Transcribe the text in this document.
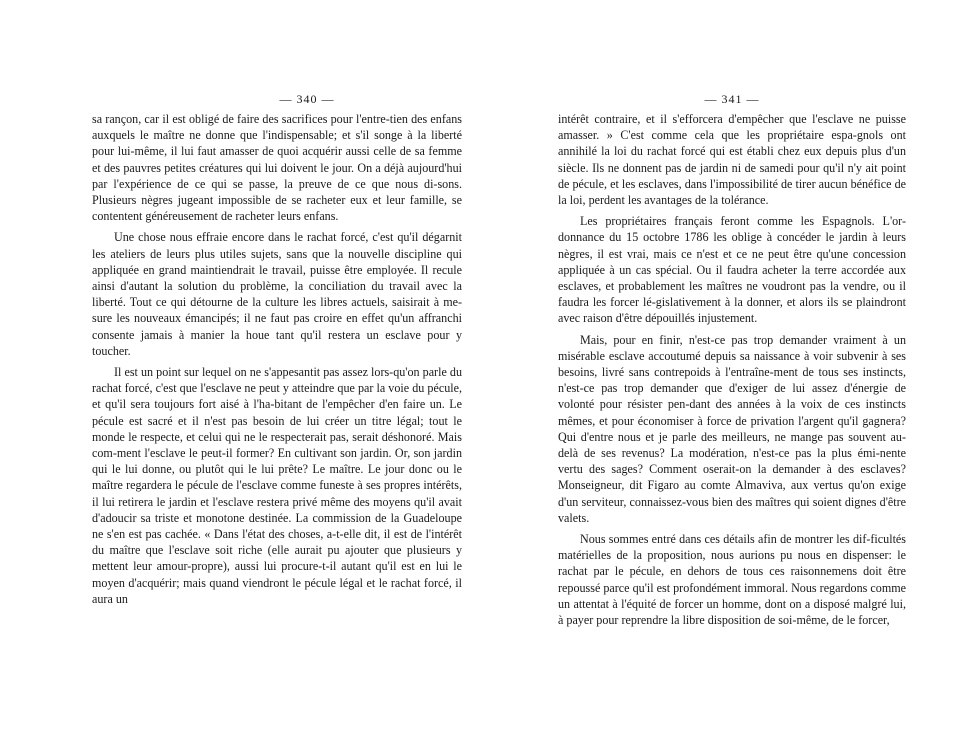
— 340 —

sa rançon, car il est obligé de faire des sacrifices pour l'entre-tien des enfans auxquels le maître ne donne que l'indispensable; et s'il songe à la liberté pour lui-même, il lui faut amasser de quoi acquérir aussi celle de sa femme et des pauvres petites créatures qui lui doivent le jour. On a déjà aujourd'hui par l'expérience de ce qui se passe, la preuve de ce que nous di-sons. Plusieurs nègres jugeant impossible de se racheter eux et leur famille, se contentent généreusement de racheter leurs enfans.

Une chose nous effraie encore dans le rachat forcé, c'est qu'il dégarnit les ateliers de leurs plus utiles sujets, sans que la nouvelle discipline qui appliquée en grand maintiendrait le travail, puisse être employée. Il recule ainsi d'autant la solution du problème, la conciliation du travail avec la liberté. Tout ce qui détourne de la culture les libres actuels, saisirait à me-sure les nouveaux émancipés; il ne faut pas croire en effet qu'un affranchi consente jamais à manier la houe tant qu'il restera un esclave pour y toucher.

Il est un point sur lequel on ne s'appesantit pas assez lors-qu'on parle du rachat forcé, c'est que l'esclave ne peut y atteindre que par la voie du pécule, et qu'il sera toujours fort aisé à l'ha-bitant de l'empêcher d'en faire un. Le pécule est sacré et il n'est pas besoin de lui créer un titre légal; tout le monde le respecte, et celui qui ne le respecterait pas, serait déshonoré. Mais com-ment l'esclave le peut-il former? En cultivant son jardin. Or, son jardin qui le lui donne, ou plutôt qui le lui prête? Le maître. Le jour donc ou le maître regardera le pécule de l'esclave comme funeste à ses propres intérêts, il lui retirera le jardin et l'esclave restera privé même des moyens qu'il avait d'adoucir sa triste et monotone destinée. La commission de la Guadeloupe ne s'en est pas cachée. « Dans l'état des choses, a-t-elle dit, il est de l'intérêt du maître que l'esclave soit riche (elle aurait pu ajouter que plusieurs y mettent leur amour-propre), aussi lui procure-t-il autant qu'il est en lui le moyen d'acquérir; mais quand viendront le pécule légal et le rachat forcé, il aura un

— 341 —

intérêt contraire, et il s'efforcera d'empêcher que l'esclave ne puisse amasser. » C'est comme cela que les propriétaire espa-gnols ont annihilé la loi du rachat forcé qui est établi chez eux depuis plus d'un siècle. Ils ne donnent pas de jardin ni de samedi pour qu'il n'y ait point de pécule, et les esclaves, dans l'impossibilité de tirer aucun bénéfice de la loi, perdent les avantages de la tolérance.

Les propriétaires français feront comme les Espagnols. L'or-donnance du 15 octobre 1786 les oblige à concéder le jardin à leurs nègres, il est vrai, mais ce n'est et ce ne peut être qu'une concession appliquée à un cas spécial. Ou il faudra acheter la terre accordée aux esclaves, et probablement les maîtres ne voudront pas la vendre, ou il faudra les forcer lé-gislativement à la donner, et alors ils se plaindront avec raison d'être dépouillés injustement.

Mais, pour en finir, n'est-ce pas trop demander vraiment à un misérable esclave accoutumé depuis sa naissance à voir subvenir à ses besoins, livré sans contrepoids à l'entraîne-ment de tous ses instincts, n'est-ce pas trop demander que d'exiger de lui assez d'énergie de volonté pour résister pen-dant des années à la voix de ces instincts mêmes, et pour économiser à force de privation l'argent qu'il gagnera? Qui d'entre nous et je parle des meilleurs, ne mange pas souvent au-delà de ses revenus? La modération, n'est-ce pas la plus émi-nente vertu des sages? Comment oserait-on la demander à des esclaves? Monseigneur, dit Figaro au comte Almaviva, aux vertus qu'on exige d'un serviteur, connaissez-vous bien des maîtres qui soient dignes d'être valets.

Nous sommes entré dans ces détails afin de montrer les dif-ficultés matérielles de la proposition, nous aurions pu nous en dispenser: le rachat par le pécule, en dehors de tous ces raisonnemens doit être repoussé parce qu'il est profondément immoral. Nous regardons comme un attentat à l'équité de forcer un homme, dont on a disposé malgré lui, à payer pour reprendre la libre disposition de soi-même, de le forcer,
